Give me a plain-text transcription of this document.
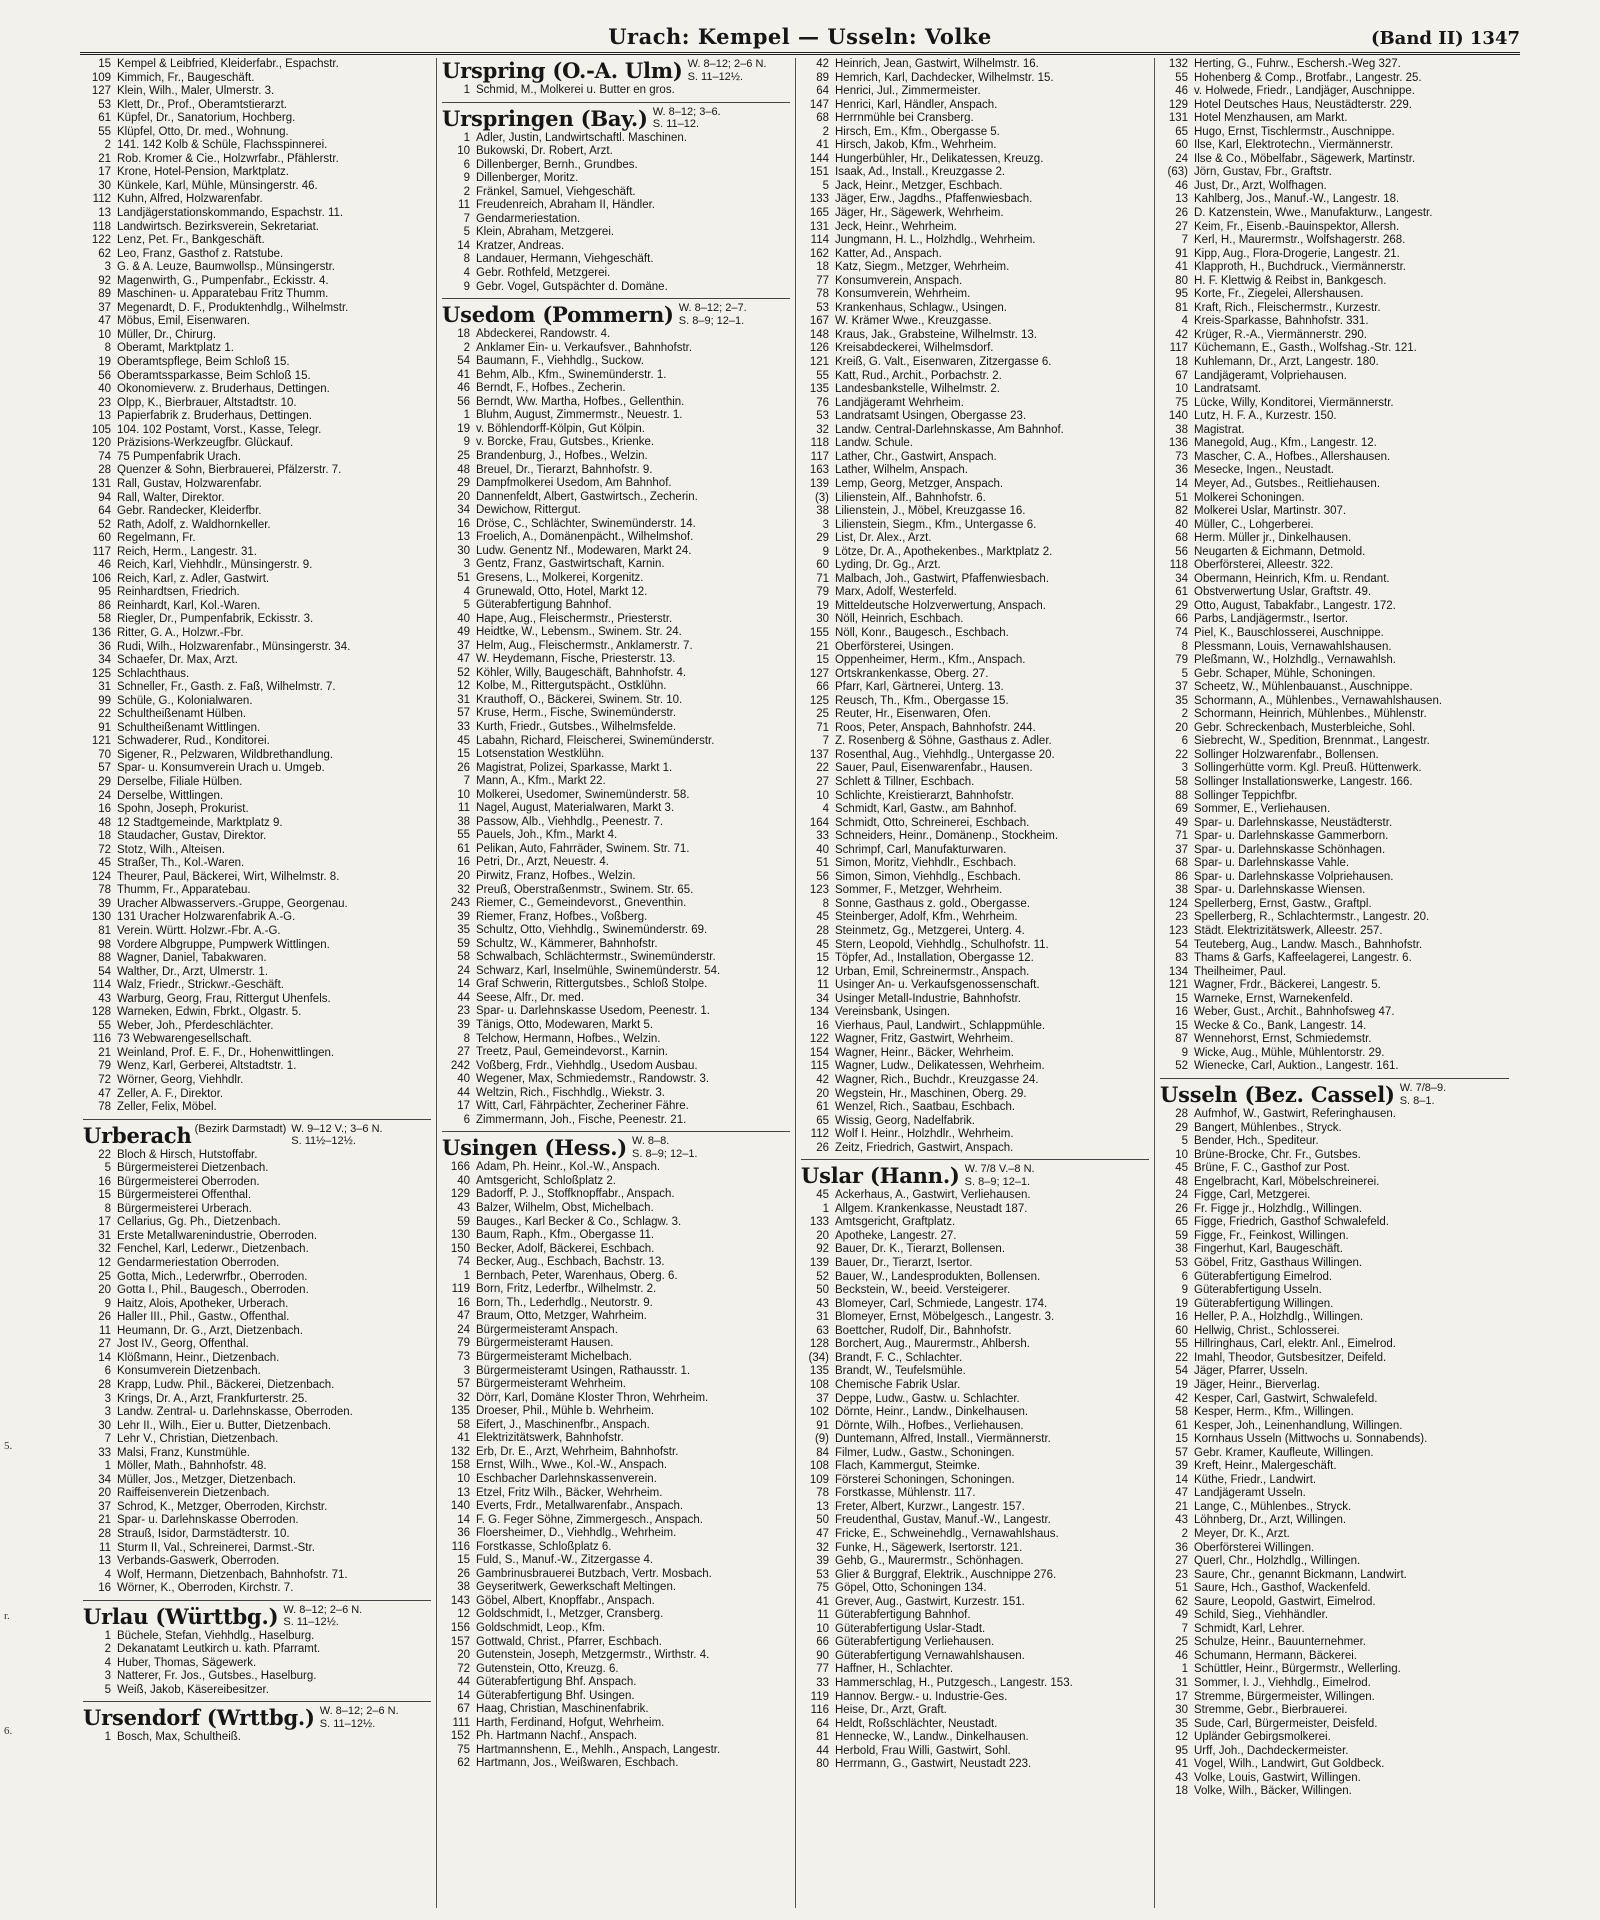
Urach: Kempel — Usseln: Volke	(Band II) 1347
5.
r.
6.
15 Kempel & Leibfried, Kleiderfabr., Espachstr.
109 Kimmich, Fr., Baugeschäft.
127 Klein, Wilh., Maler, Ulmerstr. 3.
53 Klett, Dr., Prof., Oberamtstierarzt.
61 Küpfel, Dr., Sanatorium, Hochberg.
55 Klüpfel, Otto, Dr. med., Wohnung.
2 141. 142 Kolb & Schüle, Flachsspinnerei.
21 Rob. Kromer & Cie., Holzwrfabr., Pfählerstr.
17 Krone, Hotel-Pension, Marktplatz.
30 Künkele, Karl, Mühle, Münsingerstr. 46.
112 Kuhn, Alfred, Holzwarenfabr.
13 Landjägerstationskommando, Espachstr. 11.
118 Landwirtsch. Bezirksverein, Sekretariat.
122 Lenz, Pet. Fr., Bankgeschäft.
62 Leo, Franz, Gasthof z. Ratstube.
3 G. & A. Leuze, Baumwollsp., Münsingerstr.
92 Magenwirth, G., Pumpenfabr., Eckisstr. 4.
89 Maschinen- u. Apparatebau Fritz Thumm.
37 Megenardt, D. F., Produktenhdlg., Wilhelmstr.
47 Möbus, Emil, Eisenwaren.
10 Müller, Dr., Chirurg.
8 Oberamt, Marktplatz 1.
19 Oberamtspflege, Beim Schloß 15.
56 Oberamtssparkasse, Beim Schloß 15.
40 Ökonomieverw. z. Bruderhaus, Dettingen.
23 Olpp, K., Bierbrauer, Altstadtstr. 10.
13 Papierfabrik z. Bruderhaus, Dettingen.
105 104. 102 Postamt, Vorst., Kasse, Telegr.
120 Präzisions-Werkzeugfbr. Glückauf.
74 75 Pumpenfabrik Urach.
28 Quenzer & Sohn, Bierbrauerei, Pfälzerstr. 7.
131 Rall, Gustav, Holzwarenfabr.
94 Rall, Walter, Direktor.
64 Gebr. Randecker, Kleiderfbr.
52 Rath, Adolf, z. Waldhornkeller.
60 Regelmann, Fr.
117 Reich, Herm., Langestr. 31.
46 Reich, Karl, Viehhdlr., Münsingerstr. 9.
106 Reich, Karl, z. Adler, Gastwirt.
95 Reinhardtsen, Friedrich.
86 Reinhardt, Karl, Kol.-Waren.
58 Riegler, Dr., Pumpenfabrik, Eckisstr. 3.
136 Ritter, G. A., Holzwr.-Fbr.
36 Rudi, Wilh., Holzwarenfabr., Münsingerstr. 34.
34 Schaefer, Dr. Max, Arzt.
125 Schlachthaus.
31 Schneller, Fr., Gasth. z. Faß, Wilhelmstr. 7.
99 Schüle, G., Kolonialwaren.
22 Schultheißenamt Hülben.
91 Schultheißenamt Wittlingen.
121 Schwaderer, Rud., Konditorei.
70 Sigener, R., Pelzwaren, Wildbrethandlung.
57 Spar- u. Konsumverein Urach u. Umgeb.
29 Derselbe, Filiale Hülben.
24 Derselbe, Wittlingen.
16 Spohn, Joseph, Prokurist.
48 12 Stadtgemeinde, Marktplatz 9.
18 Staudacher, Gustav, Direktor.
72 Stotz, Wilh., Alteisen.
45 Straßer, Th., Kol.-Waren.
124 Theurer, Paul, Bäckerei, Wirt, Wilhelmstr. 8.
78 Thumm, Fr., Apparatebau.
39 Uracher Albwasservers.-Gruppe, Georgenau.
130 131 Uracher Holzwarenfabrik A.-G.
81 Verein. Württ. Holzwr.-Fbr. A.-G.
98 Vordere Albgruppe, Pumpwerk Wittlingen.
88 Wagner, Daniel, Tabakwaren.
54 Walther, Dr., Arzt, Ulmerstr. 1.
114 Walz, Friedr., Strickwr.-Geschäft.
43 Warburg, Georg, Frau, Rittergut Uhenfels.
128 Warneken, Edwin, Fbrkt., Olgastr. 5.
55 Weber, Joh., Pferdeschlächter.
116 73 Webwarengesellschaft.
21 Weinland, Prof. E. F., Dr., Hohenwittlingen.
79 Wenz, Karl, Gerberei, Altstadtstr. 1.
72 Wörner, Georg, Viehhdlr.
47 Zeller, A. F., Direktor.
78 Zeller, Felix, Möbel.
Urberach (Bezirk Darmstadt) W. 9–12 V.; 3–6 N.
S. 11½–12½.
22 Bloch & Hirsch, Hutstoffabr.
5 Bürgermeisterei Dietzenbach.
16 Bürgermeisterei Oberroden.
15 Bürgermeisterei Offenthal.
8 Bürgermeisterei Urberach.
17 Cellarius, Gg. Ph., Dietzenbach.
31 Erste Metallwarenindustrie, Oberroden.
32 Fenchel, Karl, Lederwr., Dietzenbach.
12 Gendarmeriestation Oberroden.
25 Gotta, Mich., Lederwrfbr., Oberroden.
20 Gotta I., Phil., Baugesch., Oberroden.
9 Haitz, Alois, Apotheker, Urberach.
26 Haller III., Phil., Gastw., Offenthal.
11 Heumann, Dr. G., Arzt, Dietzenbach.
27 Jost IV., Georg, Offenthal.
14 Klößmann, Heinr., Dietzenbach.
6 Konsumverein Dietzenbach.
28 Krapp, Ludw. Phil., Bäckerei, Dietzenbach.
3 Krings, Dr. A., Arzt, Frankfurterstr. 25.
3 Landw. Zentral- u. Darlehnskasse, Oberroden.
30 Lehr II., Wilh., Eier u. Butter, Dietzenbach.
7 Lehr V., Christian, Dietzenbach.
33 Malsi, Franz, Kunstmühle.
1 Möller, Math., Bahnhofstr. 48.
34 Müller, Jos., Metzger, Dietzenbach.
20 Raiffeisenverein Dietzenbach.
37 Schrod, K., Metzger, Oberroden, Kirchstr.
21 Spar- u. Darlehnskasse Oberroden.
28 Strauß, Isidor, Darmstädterstr. 10.
11 Sturm II, Val., Schreinerei, Darmst.-Str.
13 Verbands-Gaswerk, Oberroden.
4 Wolf, Hermann, Dietzenbach, Bahnhofstr. 71.
16 Wörner, K., Oberroden, Kirchstr. 7.
Urlau (Württbg.) W. 8–12; 2–6 N.
S. 11–12½.
1 Büchele, Stefan, Viehhdlg., Haselburg.
2 Dekanatamt Leutkirch u. kath. Pfarramt.
4 Huber, Thomas, Sägewerk.
3 Natterer, Fr. Jos., Gutsbes., Haselburg.
5 Weiß, Jakob, Käsereibesitzer.
Ursendorf (Wrttbg.) W. 8–12; 2–6 N.
S. 11–12½.
1 Bosch, Max, Schultheiß.
Urspring (O.-A. Ulm) W. 8–12; 2–6 N.
S. 11–12½.
1 Schmid, M., Molkerei u. Butter en gros.
Urspringen (Bay.) W. 8–12; 3–6.
S. 11–12.
1 Adler, Justin, Landwirtschaftl. Maschinen.
10 Bukowski, Dr. Robert, Arzt.
6 Dillenberger, Bernh., Grundbes.
9 Dillenberger, Moritz.
2 Fränkel, Samuel, Viehgeschäft.
11 Freudenreich, Abraham II, Händler.
7 Gendarmeriestation.
5 Klein, Abraham, Metzgerei.
14 Kratzer, Andreas.
8 Landauer, Hermann, Viehgeschäft.
4 Gebr. Rothfeld, Metzgerei.
9 Gebr. Vogel, Gutspächter d. Domäne.
Usedom (Pommern) W. 8–12; 2–7.
S. 8–9; 12–1.
18 Abdeckerei, Randowstr. 4.
2 Anklamer Ein- u. Verkaufsver., Bahnhofstr.
54 Baumann, F., Viehhdlg., Suckow.
41 Behm, Alb., Kfm., Swinemünderstr. 1.
46 Berndt, F., Hofbes., Zecherin.
56 Berndt, Ww. Martha, Hofbes., Gellenthin.
1 Bluhm, August, Zimmermstr., Neuestr. 1.
19 v. Böhlendorff-Kölpin, Gut Kölpin.
9 v. Borcke, Frau, Gutsbes., Krienke.
25 Brandenburg, J., Hofbes., Welzin.
48 Breuel, Dr., Tierarzt, Bahnhofstr. 9.
29 Dampfmolkerei Usedom, Am Bahnhof.
20 Dannenfeldt, Albert, Gastwirtsch., Zecherin.
34 Dewichow, Rittergut.
16 Dröse, C., Schlächter, Swinemünderstr. 14.
13 Froelich, A., Domänenpächt., Wilhelmshof.
30 Ludw. Genentz Nf., Modewaren, Markt 24.
3 Gentz, Franz, Gastwirtschaft, Karnin.
51 Gresens, L., Molkerei, Korgenitz.
4 Grunewald, Otto, Hotel, Markt 12.
5 Güterabfertigung Bahnhof.
40 Hape, Aug., Fleischermstr., Priesterstr.
49 Heidtke, W., Lebensm., Swinem. Str. 24.
37 Helm, Aug., Fleischermstr., Anklamerstr. 7.
47 W. Heydemann, Fische, Priesterstr. 13.
52 Köhler, Willy, Baugeschäft, Bahnhofstr. 4.
12 Kolbe, M., Rittergutspächt., Ostklühn.
31 Krauthoff, O., Bäckerei, Swinem. Str. 10.
57 Kruse, Herm., Fische, Swinemünderstr.
33 Kurth, Friedr., Gutsbes., Wilhelmsfelde.
45 Labahn, Richard, Fleischerei, Swinemünderstr.
15 Lotsenstation Westklühn.
26 Magistrat, Polizei, Sparkasse, Markt 1.
7 Mann, A., Kfm., Markt 22.
10 Molkerei, Usedomer, Swinemünderstr. 58.
11 Nagel, August, Materialwaren, Markt 3.
38 Passow, Alb., Viehhdlg., Peenestr. 7.
55 Pauels, Joh., Kfm., Markt 4.
61 Pelikan, Auto, Fahrräder, Swinem. Str. 71.
16 Petri, Dr., Arzt, Neuestr. 4.
20 Pirwitz, Franz, Hofbes., Welzin.
32 Preuß, Oberstraßenmstr., Swinem. Str. 65.
243 Riemer, C., Gemeindevorst., Gneventhin.
39 Riemer, Franz, Hofbes., Voßberg.
35 Schultz, Otto, Viehhdlg., Swinemünderstr. 69.
59 Schultz, W., Kämmerer, Bahnhofstr.
58 Schwalbach, Schlächtermstr., Swinemünderstr.
24 Schwarz, Karl, Inselmühle, Swinemünderstr. 54.
14 Graf Schwerin, Rittergutsbes., Schloß Stolpe.
44 Seese, Alfr., Dr. med.
23 Spar- u. Darlehnskasse Usedom, Peenestr. 1.
39 Tänigs, Otto, Modewaren, Markt 5.
8 Telchow, Hermann, Hofbes., Welzin.
27 Treetz, Paul, Gemeindevorst., Karnin.
242 Voßberg, Frdr., Viehhdlg., Usedom Ausbau.
40 Wegener, Max, Schmiedemstr., Randowstr. 3.
44 Weltzin, Rich., Fischhdlg., Wiekstr. 3.
17 Witt, Carl, Fährpächter, Zecheriner Fähre.
6 Zimmermann, Joh., Fische, Peenestr. 21.
Usingen (Hess.) W. 8–8.
S. 8–9; 12–1.
166 Adam, Ph. Heinr., Kol.-W., Anspach.
40 Amtsgericht, Schloßplatz 2.
129 Badorff, P. J., Stoffknopffabr., Anspach.
43 Balzer, Wilhelm, Obst, Michelbach.
59 Bauges., Karl Becker & Co., Schlagw. 3.
130 Baum, Raph., Kfm., Obergasse 11.
150 Becker, Adolf, Bäckerei, Eschbach.
74 Becker, Aug., Eschbach, Bachstr. 13.
1 Bernbach, Peter, Warenhaus, Oberg. 6.
119 Born, Fritz, Lederfbr., Wilhelmstr. 2.
16 Born, Th., Lederhdlg., Neutorstr. 9.
47 Braum, Otto, Metzger, Wahrheim.
24 Bürgermeisteramt Anspach.
79 Bürgermeisteramt Hausen.
73 Bürgermeisteramt Michelbach.
3 Bürgermeisteramt Usingen, Rathausstr. 1.
57 Bürgermeisteramt Wehrheim.
32 Dörr, Karl, Domäne Kloster Thron, Wehrheim.
135 Droeser, Phil., Mühle b. Wehrheim.
58 Eifert, J., Maschinenfbr., Anspach.
41 Elektrizitätswerk, Bahnhofstr.
132 Erb, Dr. E., Arzt, Wehrheim, Bahnhofstr.
158 Ernst, Wilh., Wwe., Kol.-W., Anspach.
10 Eschbacher Darlehnskassenverein.
13 Etzel, Fritz Wilh., Bäcker, Wehrheim.
140 Everts, Frdr., Metallwarenfabr., Anspach.
14 F. G. Feger Söhne, Zimmergesch., Anspach.
36 Floersheimer, D., Viehhdlg., Wehrheim.
116 Forstkasse, Schloßplatz 6.
15 Fuld, S., Manuf.-W., Zitzergasse 4.
26 Gambrinusbrauerei Butzbach, Vertr. Mosbach.
38 Geyseritwerk, Gewerkschaft Meltingen.
143 Göbel, Albert, Knopffabr., Anspach.
12 Goldschmidt, I., Metzger, Cransberg.
156 Goldschmidt, Leop., Kfm.
157 Gottwald, Christ., Pfarrer, Eschbach.
20 Gutenstein, Joseph, Metzgermstr., Wirthstr. 4.
72 Gutenstein, Otto, Kreuzg. 6.
44 Güterabfertigung Bhf. Anspach.
14 Güterabfertigung Bhf. Usingen.
67 Haag, Christian, Maschinenfabrik.
111 Harth, Ferdinand, Hofgut, Wehrheim.
152 Ph. Hartmann Nachf., Anspach.
75 Hartmannshenn, E., Mehlh., Anspach, Langestr.
62 Hartmann, Jos., Weißwaren, Eschbach.
42 Heinrich, Jean, Gastwirt, Wilhelmstr. 16.
89 Hemrich, Karl, Dachdecker, Wilhelmstr. 15.
64 Henrici, Jul., Zimmermeister.
147 Henrici, Karl, Händler, Anspach.
68 Herrnmühle bei Cransberg.
2 Hirsch, Em., Kfm., Obergasse 5.
41 Hirsch, Jakob, Kfm., Wehrheim.
144 Hungerbühler, Hr., Delikatessen, Kreuzg.
151 Isaak, Ad., Install., Kreuzgasse 2.
5 Jack, Heinr., Metzger, Eschbach.
133 Jäger, Erw., Jagdhs., Pfaffenwiesbach.
165 Jäger, Hr., Sägewerk, Wehrheim.
131 Jeck, Heinr., Wehrheim.
114 Jungmann, H. L., Holzhdlg., Wehrheim.
162 Katter, Ad., Anspach.
18 Katz, Siegm., Metzger, Wehrheim.
77 Konsumverein, Anspach.
78 Konsumverein, Wehrheim.
53 Krankenhaus, Schlagw., Usingen.
167 W. Krämer Wwe., Kreuzgasse.
148 Kraus, Jak., Grabsteine, Wilhelmstr. 13.
126 Kreisabdeckerei, Wilhelmsdorf.
121 Kreiß, G. Valt., Eisenwaren, Zitzergasse 6.
55 Katt, Rud., Archit., Porbachstr. 2.
135 Landesbankstelle, Wilhelmstr. 2.
76 Landjägeramt Wehrheim.
53 Landratsamt Usingen, Obergasse 23.
32 Landw. Central-Darlehnskasse, Am Bahnhof.
118 Landw. Schule.
117 Lather, Chr., Gastwirt, Anspach.
163 Lather, Wilhelm, Anspach.
139 Lemp, Georg, Metzger, Anspach.
(3) Lilienstein, Alf., Bahnhofstr. 6.
38 Lilienstein, J., Möbel, Kreuzgasse 16.
3 Lilienstein, Siegm., Kfm., Untergasse 6.
29 List, Dr. Alex., Arzt.
9 Lötze, Dr. A., Apothekenbes., Marktplatz 2.
60 Lyding, Dr. Gg., Arzt.
71 Malbach, Joh., Gastwirt, Pfaffenwiesbach.
79 Marx, Adolf, Westerfeld.
19 Mitteldeutsche Holzverwertung, Anspach.
30 Nöll, Heinrich, Eschbach.
155 Nöll, Konr., Baugesch., Eschbach.
21 Oberförsterei, Usingen.
15 Oppenheimer, Herm., Kfm., Anspach.
127 Ortskrankenkasse, Oberg. 27.
66 Pfarr, Karl, Gärtnerei, Unterg. 13.
125 Reusch, Th., Kfm., Obergasse 15.
25 Reuter, Hr., Eisenwaren, Öfen.
71 Roos, Peter, Anspach, Bahnhofstr. 244.
7 Z. Rosenberg & Söhne, Gasthaus z. Adler.
137 Rosenthal, Aug., Viehhdlg., Untergasse 20.
22 Sauer, Paul, Eisenwarenfabr., Hausen.
27 Schlett & Tillner, Eschbach.
10 Schlichte, Kreistierarzt, Bahnhofstr.
4 Schmidt, Karl, Gastw., am Bahnhof.
164 Schmidt, Otto, Schreinerei, Eschbach.
33 Schneiders, Heinr., Domänenp., Stockheim.
40 Schrimpf, Carl, Manufakturwaren.
51 Simon, Moritz, Viehhdlr., Eschbach.
56 Simon, Simon, Viehhdlg., Eschbach.
123 Sommer, F., Metzger, Wehrheim.
8 Sonne, Gasthaus z. gold., Obergasse.
45 Steinberger, Adolf, Kfm., Wehrheim.
28 Steinmetz, Gg., Metzgerei, Unterg. 4.
45 Stern, Leopold, Viehhdlg., Schulhofstr. 11.
15 Töpfer, Ad., Installation, Obergasse 12.
12 Urban, Emil, Schreinermstr., Anspach.
11 Usinger An- u. Verkaufsgenossenschaft.
34 Usinger Metall-Industrie, Bahnhofstr.
134 Vereinsbank, Usingen.
16 Vierhaus, Paul, Landwirt., Schlappmühle.
122 Wagner, Fritz, Gastwirt, Wehrheim.
154 Wagner, Heinr., Bäcker, Wehrheim.
115 Wagner, Ludw., Delikatessen, Wehrheim.
42 Wagner, Rich., Buchdr., Kreuzgasse 24.
20 Wegstein, Hr., Maschinen, Oberg. 29.
61 Wenzel, Rich., Saatbau, Eschbach.
65 Wissig, Georg, Nadelfabrik.
112 Wolf I. Heinr., Holzhdlr., Wehrheim.
26 Zeitz, Friedrich, Gastwirt, Anspach.
Uslar (Hann.) W. 7/8 V.–8 N.
S. 8–9; 12–1.
45 Ackerhaus, A., Gastwirt, Verliehausen.
1 Allgem. Krankenkasse, Neustadt 187.
133 Amtsgericht, Graftplatz.
20 Apotheke, Langestr. 27.
92 Bauer, Dr. K., Tierarzt, Bollensen.
139 Bauer, Dr., Tierarzt, Isertor.
52 Bauer, W., Landesprodukten, Bollensen.
50 Beckstein, W., beeid. Versteigerer.
43 Blomeyer, Carl, Schmiede, Langestr. 174.
31 Blomeyer, Ernst, Möbelgesch., Langestr. 3.
63 Boettcher, Rudolf, Dir., Bahnhofstr.
128 Borchert, Aug., Maurermstr., Ahlbersh.
(34) Brandt, F. C., Schlachter.
135 Brandt, W., Teufelsmühle.
108 Chemische Fabrik Uslar.
37 Deppe, Ludw., Gastw. u. Schlachter.
102 Dörnte, Heinr., Landw., Dinkelhausen.
91 Dörnte, Wilh., Hofbes., Verliehausen.
(9) Duntemann, Alfred, Install., Viermännerstr.
84 Filmer, Ludw., Gastw., Schoningen.
108 Flach, Kammergut, Steimke.
109 Försterei Schoningen, Schoningen.
78 Forstkasse, Mühlenstr. 117.
13 Freter, Albert, Kurzwr., Langestr. 157.
50 Freudenthal, Gustav, Manuf.-W., Langestr.
47 Fricke, E., Schweinehdlg., Vernawahlshaus.
32 Funke, H., Sägewerk, Isertorstr. 121.
39 Gehb, G., Maurermstr., Schönhagen.
53 Glier & Burggraf, Elektrik., Auschnippe 276.
75 Göpel, Otto, Schoningen 134.
41 Grever, Aug., Gastwirt, Kurzestr. 151.
11 Güterabfertigung Bahnhof.
10 Güterabfertigung Uslar-Stadt.
66 Güterabfertigung Verliehausen.
90 Güterabfertigung Vernawahlshausen.
77 Haffner, H., Schlachter.
33 Hammerschlag, H., Putzgesch., Langestr. 153.
119 Hannov. Bergw.- u. Industrie-Ges.
116 Heise, Dr., Arzt, Graft.
64 Heldt, Roßschlächter, Neustadt.
81 Hennecke, W., Landw., Dinkelhausen.
44 Herbold, Frau Willi, Gastwirt, Sohl.
80 Herrmann, G., Gastwirt, Neustadt 223.
132 Herting, G., Fuhrw., Eschersh.-Weg 327.
55 Hohenberg & Comp., Brotfabr., Langestr. 25.
46 v. Holwede, Friedr., Landjäger, Auschnippe.
129 Hotel Deutsches Haus, Neustädterstr. 229.
131 Hotel Menzhausen, am Markt.
65 Hugo, Ernst, Tischlermstr., Auschnippe.
60 Ilse, Karl, Elektrotechn., Viermännerstr.
24 Ilse & Co., Möbelfabr., Sägewerk, Martinstr.
(63) Jörn, Gustav, Fbr., Graftstr.
46 Just, Dr., Arzt, Wolfhagen.
13 Kahlberg, Jos., Manuf.-W., Langestr. 18.
26 D. Katzenstein, Wwe., Manufakturw., Langestr.
27 Keim, Fr., Eisenb.-Bauinspektor, Allersh.
7 Kerl, H., Maurermstr., Wolfshagerstr. 268.
91 Kipp, Aug., Flora-Drogerie, Langestr. 21.
41 Klapproth, H., Buchdruck., Viermännerstr.
80 H. F. Klettwig & Reibst in, Bankgesch.
95 Korte, Fr., Ziegelei, Allershausen.
81 Kraft, Rich., Fleischermstr., Kurzestr.
4 Kreis-Sparkasse, Bahnhofstr. 331.
42 Krüger, R.-A., Viermännerstr. 290.
117 Küchemann, E., Gasth., Wolfshag.-Str. 121.
18 Kuhlemann, Dr., Arzt, Langestr. 180.
67 Landjägeramt, Volpriehausen.
10 Landratsamt.
75 Lücke, Willy, Konditorei, Viermännerstr.
140 Lutz, H. F. A., Kurzestr. 150.
38 Magistrat.
136 Manegold, Aug., Kfm., Langestr. 12.
73 Mascher, C. A., Hofbes., Allershausen.
36 Mesecke, Ingen., Neustadt.
14 Meyer, Ad., Gutsbes., Reitliehausen.
51 Molkerei Schoningen.
82 Molkerei Uslar, Martinstr. 307.
40 Müller, C., Lohgerberei.
68 Herm. Müller jr., Dinkelhausen.
56 Neugarten & Eichmann, Detmold.
118 Oberförsterei, Alleestr. 322.
34 Obermann, Heinrich, Kfm. u. Rendant.
61 Obstverwertung Uslar, Graftstr. 49.
29 Otto, August, Tabakfabr., Langestr. 172.
66 Parbs, Landjägermstr., Isertor.
74 Piel, K., Bauschlosserei, Auschnippe.
8 Plessmann, Louis, Vernawahlshausen.
79 Pleßmann, W., Holzhdlg., Vernawahlsh.
5 Gebr. Schaper, Mühle, Schoningen.
37 Scheetz, W., Mühlenbauanst., Auschnippe.
35 Schormann, A., Mühlenbes., Vernawahlshausen.
2 Schormann, Heinrich, Mühlenbes., Mühlenstr.
20 Gebr. Schreckenbach, Musterbleiche, Sohl.
6 Siebrecht, W., Spedition, Brennmat., Langestr.
22 Sollinger Holzwarenfabr., Bollensen.
3 Sollingerhütte vorm. Kgl. Preuß. Hüttenwerk.
58 Sollinger Installationswerke, Langestr. 166.
88 Sollinger Teppichfbr.
69 Sommer, E., Verliehausen.
49 Spar- u. Darlehnskasse, Neustädterstr.
71 Spar- u. Darlehnskasse Gammerborn.
37 Spar- u. Darlehnskasse Schönhagen.
68 Spar- u. Darlehnskasse Vahle.
86 Spar- u. Darlehnskasse Volpriehausen.
38 Spar- u. Darlehnskasse Wiensen.
124 Spellerberg, Ernst, Gastw., Graftpl.
23 Spellerberg, R., Schlachtermstr., Langestr. 20.
123 Städt. Elektrizitätswerk, Alleestr. 257.
54 Teuteberg, Aug., Landw. Masch., Bahnhofstr.
83 Thams & Garfs, Kaffeelagerei, Langestr. 6.
134 Theilheimer, Paul.
121 Wagner, Frdr., Bäckerei, Langestr. 5.
15 Warneke, Ernst, Warnekenfeld.
16 Weber, Gust., Archit., Bahnhofsweg 47.
15 Wecke & Co., Bank, Langestr. 14.
87 Wennehorst, Ernst, Schmiedemstr.
9 Wicke, Aug., Mühle, Mühlentorstr. 29.
52 Wienecke, Carl, Auktion., Langestr. 161.
Usseln (Bez. Cassel) W. 7/8–9.
S. 8–1.
28 Aufmhof, W., Gastwirt, Referinghausen.
29 Bangert, Mühlenbes., Stryck.
5 Bender, Hch., Spediteur.
10 Brüne-Brocke, Chr. Fr., Gutsbes.
45 Brüne, F. C., Gasthof zur Post.
48 Engelbracht, Karl, Möbelschreinerei.
24 Figge, Carl, Metzgerei.
26 Fr. Figge jr., Holzhdlg., Willingen.
65 Figge, Friedrich, Gasthof Schwalefeld.
59 Figge, Fr., Feinkost, Willingen.
38 Fingerhut, Karl, Baugeschäft.
53 Göbel, Fritz, Gasthaus Willingen.
6 Güterabfertigung Eimelrod.
9 Güterabfertigung Usseln.
19 Güterabfertigung Willingen.
16 Heller, P. A., Holzhdlg., Willingen.
60 Hellwig, Christ., Schlosserei.
55 Hillringhaus, Carl, elektr. Anl., Eimelrod.
22 Imahl, Theodor, Gutsbesitzer, Deifeld.
54 Jäger, Pfarrer, Usseln.
19 Jäger, Heinr., Bierverlag.
42 Kesper, Carl, Gastwirt, Schwalefeld.
58 Kesper, Herm., Kfm., Willingen.
61 Kesper, Joh., Leinenhandlung, Willingen.
15 Kornhaus Usseln (Mittwochs u. Sonnabends).
57 Gebr. Kramer, Kaufleute, Willingen.
39 Kreft, Heinr., Malergeschäft.
14 Küthe, Friedr., Landwirt.
47 Landjägeramt Usseln.
21 Lange, C., Mühlenbes., Stryck.
43 Löhnberg, Dr., Arzt, Willingen.
2 Meyer, Dr. K., Arzt.
36 Oberförsterei Willingen.
27 Querl, Chr., Holzhdlg., Willingen.
23 Saure, Chr., genannt Bickmann, Landwirt.
51 Saure, Hch., Gasthof, Wackenfeld.
62 Saure, Leopold, Gastwirt, Eimelrod.
49 Schild, Sieg., Viehhändler.
7 Schmidt, Karl, Lehrer.
25 Schulze, Heinr., Bauunternehmer.
46 Schumann, Hermann, Bäckerei.
1 Schüttler, Heinr., Bürgermstr., Wellerling.
31 Sommer, I. J., Viehhdlg., Eimelrod.
17 Stremme, Bürgermeister, Willingen.
30 Stremme, Gebr., Bierbrauerei.
35 Sude, Carl, Bürgermeister, Deisfeld.
12 Upländer Gebirgsmolkerei.
95 Urff, Joh., Dachdeckermeister.
41 Vogel, Wilh., Landwirt, Gut Goldbeck.
43 Volke, Louis, Gastwirt, Willingen.
18 Volke, Wilh., Bäcker, Willingen.
